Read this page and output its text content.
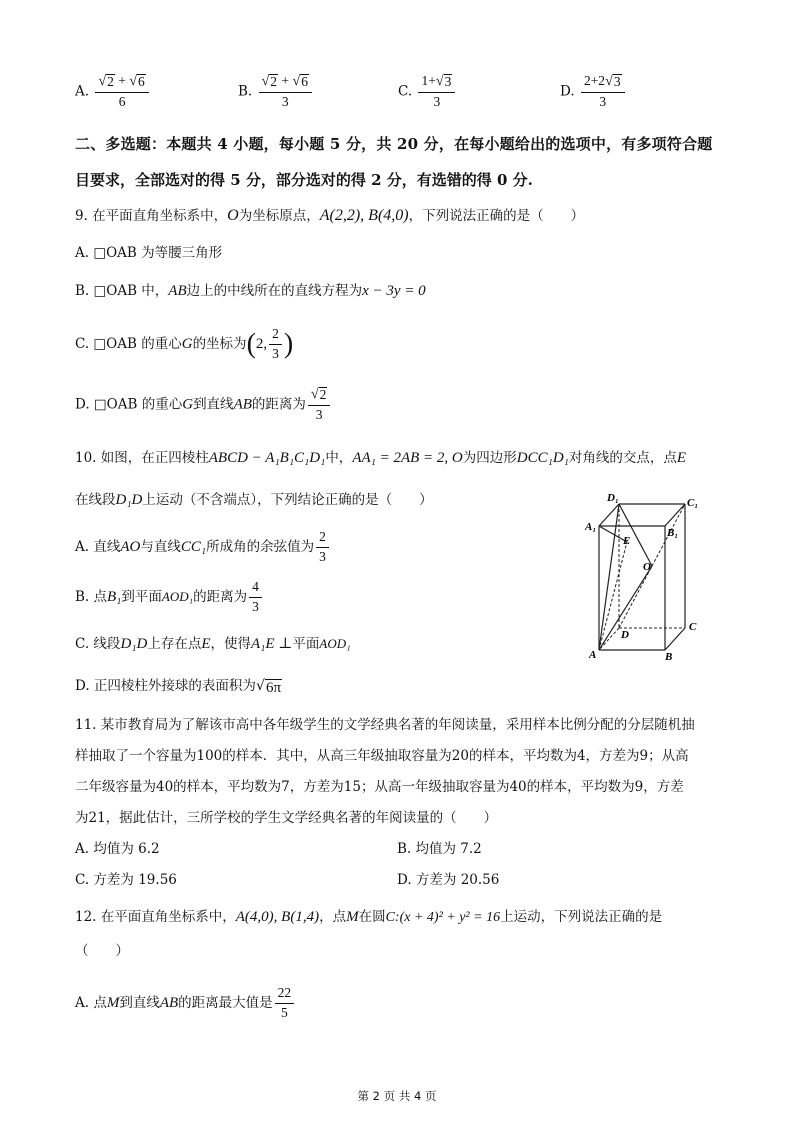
A. $\frac{√ 2 + √ 6}{6}$	B. $\frac{√ 2 + √ 6}{3}$	C. $\frac{1+ √ 3}{3}$	D. $\frac{2+2 √ 3}{3}$
二、多选题：本题共 4 小题，每小题 5 分，共 20 分，在每小题给出的选项中，有多项符合题
目要求，全部选对的得 5 分，部分选对的得 2 分，有选错的得 0 分.
9. 在平面直角坐标系中，O为坐标原点，A(2,2), B(4,0)，下列说法正确的是（　　）
A. □OAB 为等腰三角形
B. □OAB 中，AB边上的中线所在的直线方程为x − 3y = 0
C. □OAB 的重心G的坐标为(2, $\frac{2}{3}$ )
D. □OAB 的重心G到直线AB的距离为 $\frac{√ 2}{3}$
10. 如图，在正四棱柱ABCD − A₁B₁C₁D₁中，AA₁ = 2AB = 2, O为四边形DCC₁D₁对角线的交点，点E
在线段D₁D上运动（不含端点），下列结论正确的是（　　）
A. 直线AO与直线CC₁所成角的余弦值为 $\frac{2}{3}$
B. 点B₁到平面AOD₁的距离为 $\frac{4}{3}$
C. 线段D₁D上存在点E，使得A₁E ⊥平面AOD₁
D. 正四棱柱外接球的表面积为 √ 6π
D₁	C₁
A₁	B₁
E
O
D
C
A	B
11. 某市教育局为了解该市高中各年级学生的文学经典名著的年阅读量，采用样本比例分配的分层随机抽
样抽取了一个容量为100的样本．其中，从高三年级抽取容量为20的样本，平均数为4，方差为9；从高
二年级容量为40的样本，平均数为7，方差为15；从高一年级抽取容量为40的样本，平均数为9，方差
为21，据此估计，三所学校的学生文学经典名著的年阅读量的（　　）
A. 均值为 6.2	B. 均值为 7.2
C. 方差为 19.56	D. 方差为 20.56
12. 在平面直角坐标系中，A(4,0), B(1,4)，点M在圆C:(x + 4)² + y² = 16上运动，下列说法正确的是
（　　）
A. 点M到直线AB的距离最大值是 $\frac{22}{5}$
第 2 页 共 4 页
